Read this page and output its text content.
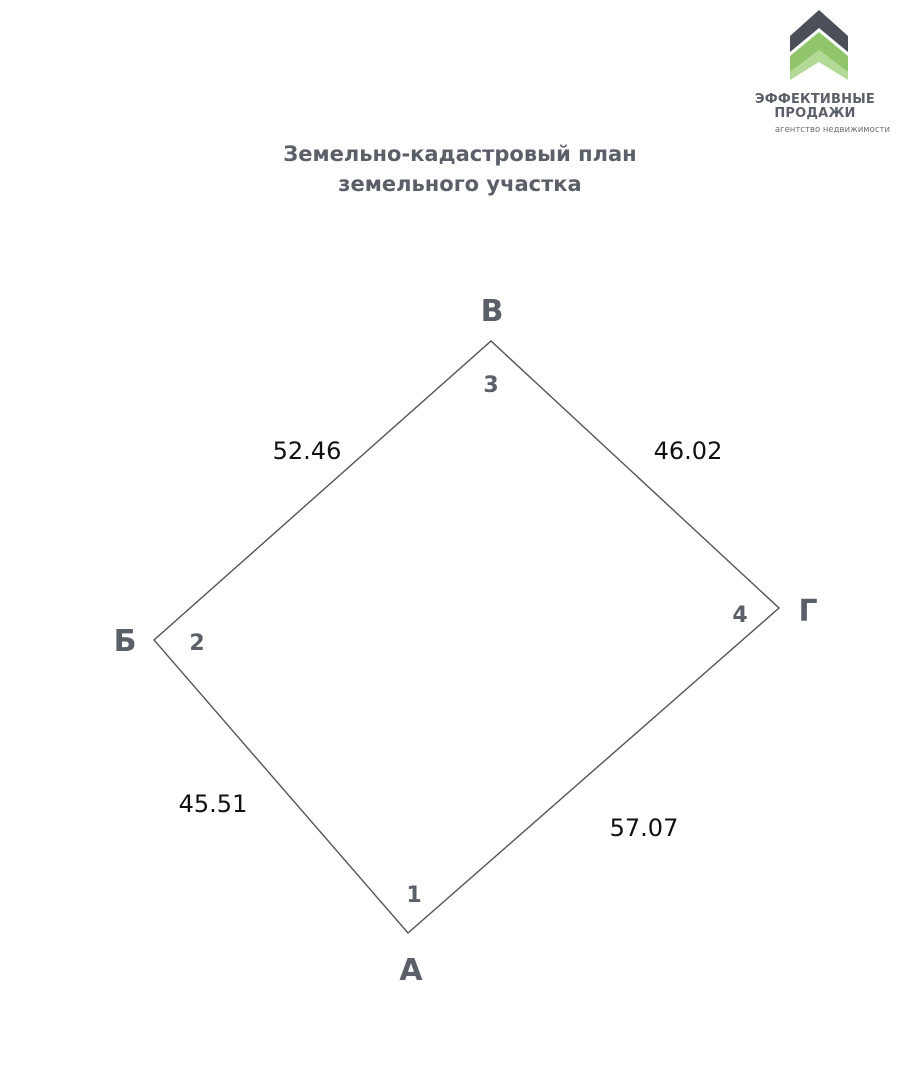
ЭФФЕКТИВНЫЕ
ПРОДАЖИ
агентство недвижимости
Земельно-кадастровый план
земельного участка
1
2
3
4
А
Б
В
Г
45.51
52.46	46.02
57.07
